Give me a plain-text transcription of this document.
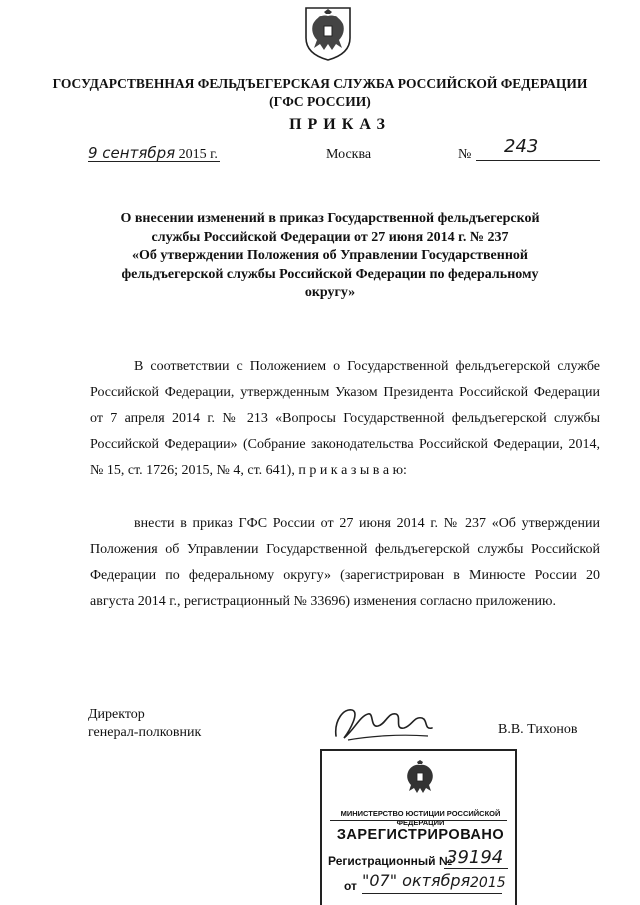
ГОСУДАРСТВЕННАЯ ФЕЛЬДЪЕГЕРСКАЯ СЛУЖБА РОССИЙСКОЙ ФЕДЕРАЦИИ
(ГФС РОССИИ)
ПРИКАЗ
9 сентября 2015 г.	Москва	№ 243
О внесении изменений в приказ Государственной фельдъегерской
службы Российской Федерации от 27 июня 2014 г. № 237
«Об утверждении Положения об Управлении Государственной
фельдъегерской службы Российской Федерации по федеральному
округу»
В соответствии с Положением о Государственной фельдъегерской службе Российской Федерации, утвержденным Указом Президента Российской Федерации от 7 апреля 2014 г. № 213 «Вопросы Государственной фельдъегерской службы Российской Федерации» (Собрание законодательства Российской Федерации, 2014, № 15, ст. 1726; 2015, № 4, ст. 641), п р и к а з ы в а ю:
внести в приказ ГФС России от 27 июня 2014 г. № 237 «Об утверждении Положения об Управлении Государственной фельдъегерской службы Российской Федерации по федеральному округу» (зарегистрирован в Минюсте России 20 августа 2014 г., регистрационный № 33696) изменения согласно приложению.
Директор
генерал-полковник	В.В. Тихонов
МИНИСТЕРСТВО ЮСТИЦИИ РОССИЙСКОЙ ФЕДЕРАЦИИ
ЗАРЕГИСТРИРОВАНО
Регистрационный №
39194
от "07" октября 2015
